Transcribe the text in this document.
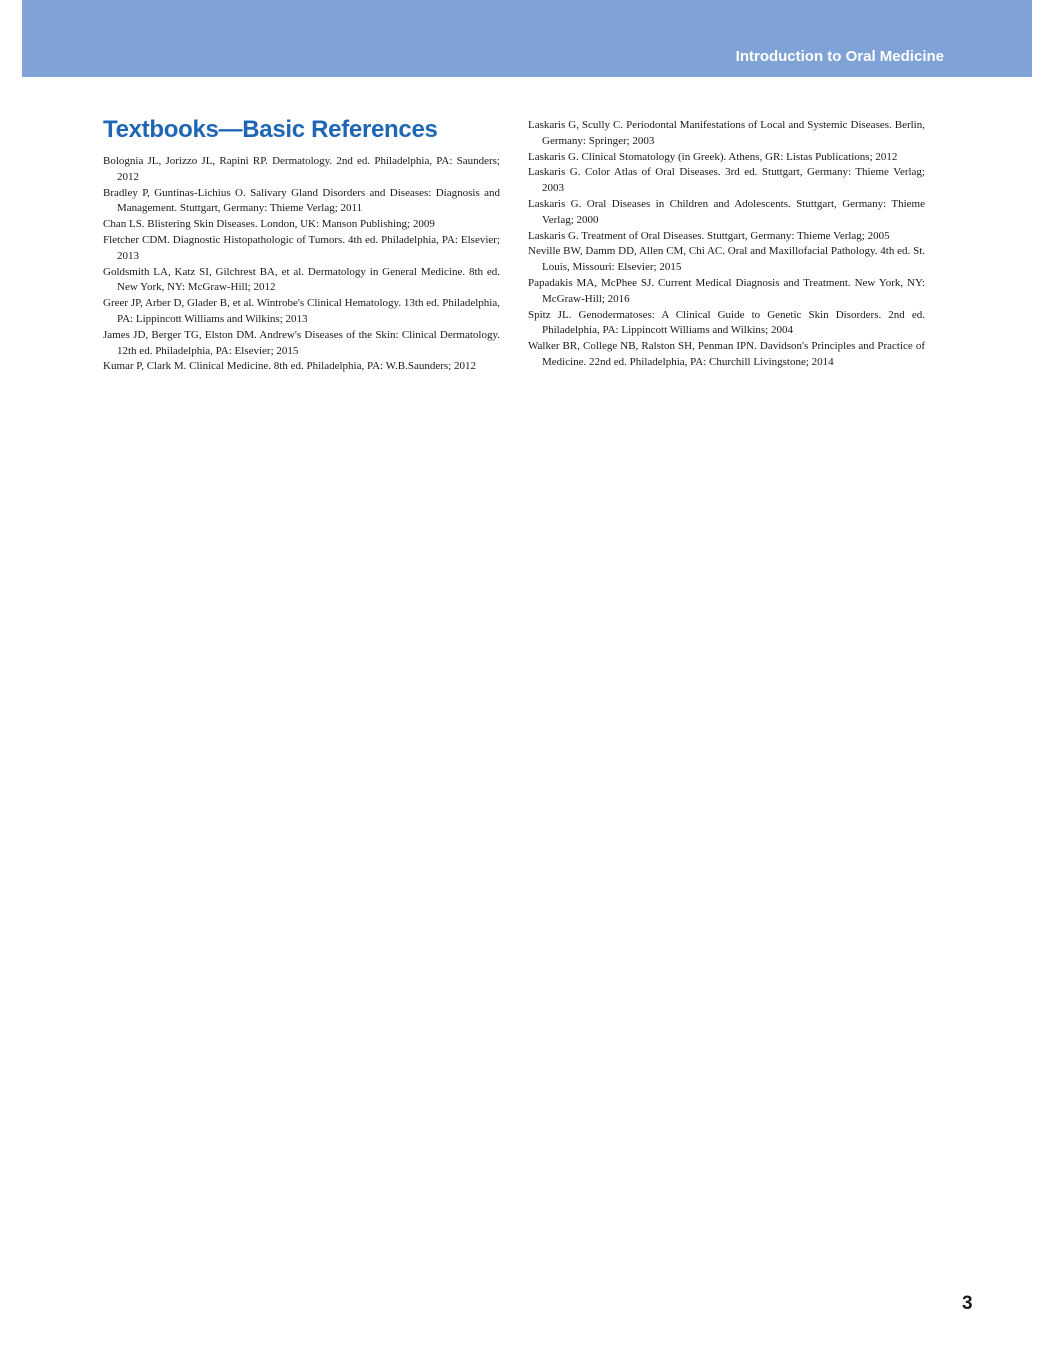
Introduction to Oral Medicine
Textbooks—Basic References
Bolognia JL, Jorizzo JL, Rapini RP. Dermatology. 2nd ed. Philadelphia, PA: Saunders; 2012
Bradley P, Guntinas-Lichius O. Salivary Gland Disorders and Diseases: Diagnosis and Management. Stuttgart, Germany: Thieme Verlag; 2011
Chan LS. Blistering Skin Diseases. London, UK: Manson Publishing; 2009
Fletcher CDM. Diagnostic Histopathologic of Tumors. 4th ed. Philadelphia, PA: Elsevier; 2013
Goldsmith LA, Katz SI, Gilchrest BA, et al. Dermatology in General Medicine. 8th ed. New York, NY: McGraw-Hill; 2012
Greer JP, Arber D, Glader B, et al. Wintrobe's Clinical Hematology. 13th ed. Philadelphia, PA: Lippincott Williams and Wilkins; 2013
James JD, Berger TG, Elston DM. Andrew's Diseases of the Skin: Clinical Dermatology. 12th ed. Philadelphia, PA: Elsevier; 2015
Kumar P, Clark M. Clinical Medicine. 8th ed. Philadelphia, PA: W.B.Saunders; 2012
Laskaris G, Scully C. Periodontal Manifestations of Local and Systemic Diseases. Berlin, Germany: Springer; 2003
Laskaris G. Clinical Stomatology (in Greek). Athens, GR: Listas Publications; 2012
Laskaris G. Color Atlas of Oral Diseases. 3rd ed. Stuttgart, Germany: Thieme Verlag; 2003
Laskaris G. Oral Diseases in Children and Adolescents. Stuttgart, Germany: Thieme Verlag; 2000
Laskaris G. Treatment of Oral Diseases. Stuttgart, Germany: Thieme Verlag; 2005
Neville BW, Damm DD, Allen CM, Chi AC. Oral and Maxillofacial Pathology. 4th ed. St. Louis, Missouri: Elsevier; 2015
Papadakis MA, McPhee SJ. Current Medical Diagnosis and Treatment. New York, NY: McGraw-Hill; 2016
Spitz JL. Genodermatoses: A Clinical Guide to Genetic Skin Disorders. 2nd ed. Philadelphia, PA: Lippincott Williams and Wilkins; 2004
Walker BR, College NB, Ralston SH, Penman IPN. Davidson's Principles and Practice of Medicine. 22nd ed. Philadelphia, PA: Churchill Livingstone; 2014
3
